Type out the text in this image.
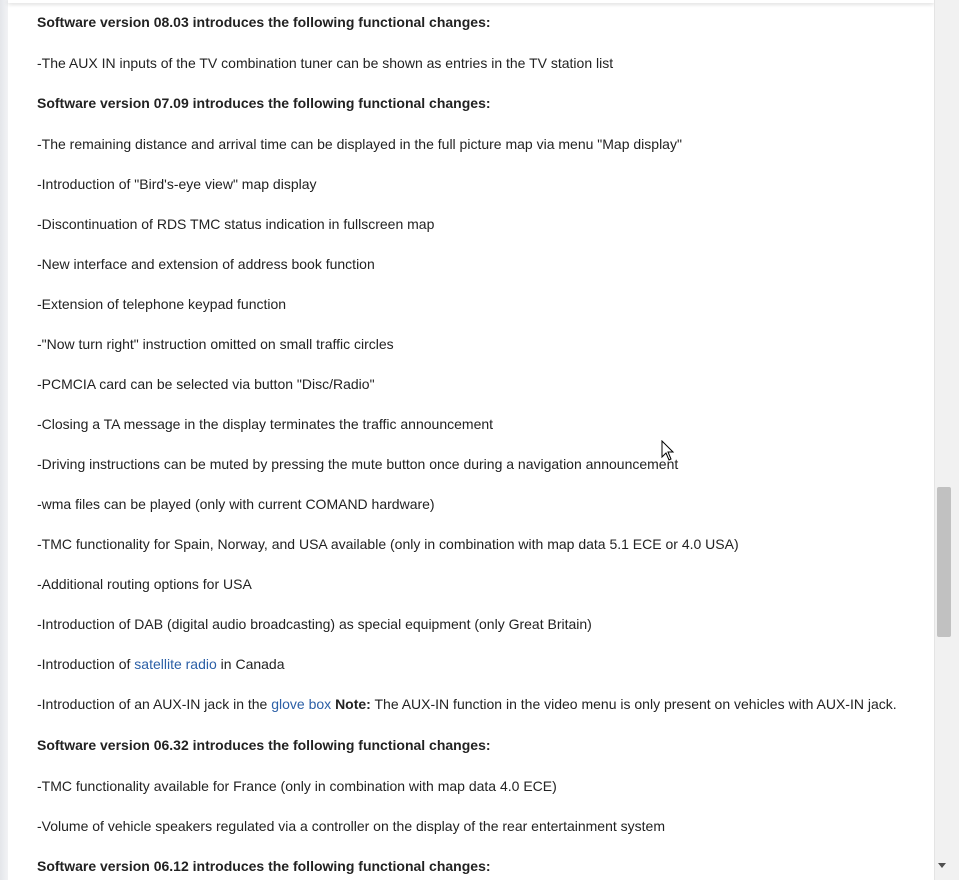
Software version 08.03 introduces the following functional changes:
-The AUX IN inputs of the TV combination tuner can be shown as entries in the TV station list
Software version 07.09 introduces the following functional changes:
-The remaining distance and arrival time can be displayed in the full picture map via menu "Map display"
-Introduction of "Bird's-eye view" map display
-Discontinuation of RDS TMC status indication in fullscreen map
-New interface and extension of address book function
-Extension of telephone keypad function
-"Now turn right" instruction omitted on small traffic circles
-PCMCIA card can be selected via button "Disc/Radio"
-Closing a TA message in the display terminates the traffic announcement
-Driving instructions can be muted by pressing the mute button once during a navigation announcement
-wma files can be played (only with current COMAND hardware)
-TMC functionality for Spain, Norway, and USA available (only in combination with map data 5.1 ECE or 4.0 USA)
-Additional routing options for USA
-Introduction of DAB (digital audio broadcasting) as special equipment (only Great Britain)
-Introduction of satellite radio in Canada
-Introduction of an AUX-IN jack in the glove box Note: The AUX-IN function in the video menu is only present on vehicles with AUX-IN jack.
Software version 06.32 introduces the following functional changes:
-TMC functionality available for France (only in combination with map data 4.0 ECE)
-Volume of vehicle speakers regulated via a controller on the display of the rear entertainment system
Software version 06.12 introduces the following functional changes:
